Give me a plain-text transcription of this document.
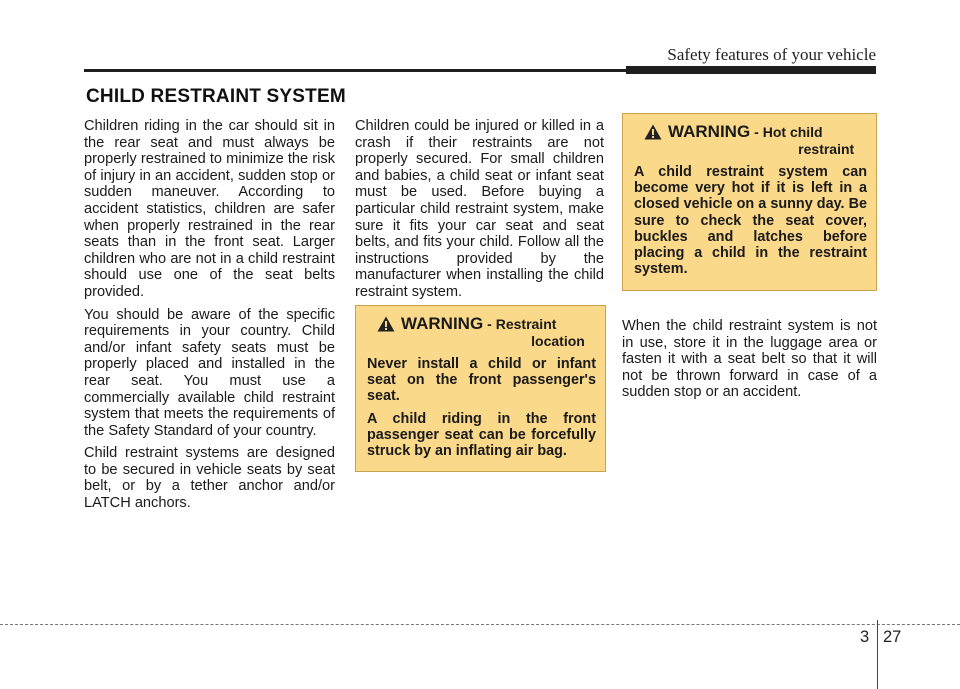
Safety features of your vehicle
CHILD RESTRAINT SYSTEM

Children riding in the car should sit in the rear seat and must always be properly restrained to minimize the risk of injury in an accident, sudden stop or sudden maneuver. According to accident statistics, children are safer when properly restrained in the rear seats than in the front seat. Larger children who are not in a child restraint should use one of the seat belts provided.

You should be aware of the specific requirements in your country. Child and/or infant safety seats must be properly placed and installed in the rear seat. You must use a commercially available child restraint system that meets the requirements of the Safety Standard of your country.

Child restraint systems are designed to be secured in vehicle seats by seat belt, or by a tether anchor and/or LATCH anchors.

Children could be injured or killed in a crash if their restraints are not properly secured. For small children and babies, a child seat or infant seat must be used. Before buying a particular child restraint system, make sure it fits your car seat and seat belts, and fits your child. Follow all the instructions provided by the manufacturer when installing the child restraint system.

WARNING - Restraint
location

Never install a child or infant seat on the front passenger's seat.

A child riding in the front passenger seat can be forcefully struck by an inflating air bag.

WARNING - Hot child
restraint

A child restraint system can become very hot if it is left in a closed vehicle on a sunny day. Be sure to check the seat cover, buckles and latches before placing a child in the restraint system.

When the child restraint system is not in use, store it in the luggage area or fasten it with a seat belt so that it will not be thrown forward in case of a sudden stop or an accident.

3 27
